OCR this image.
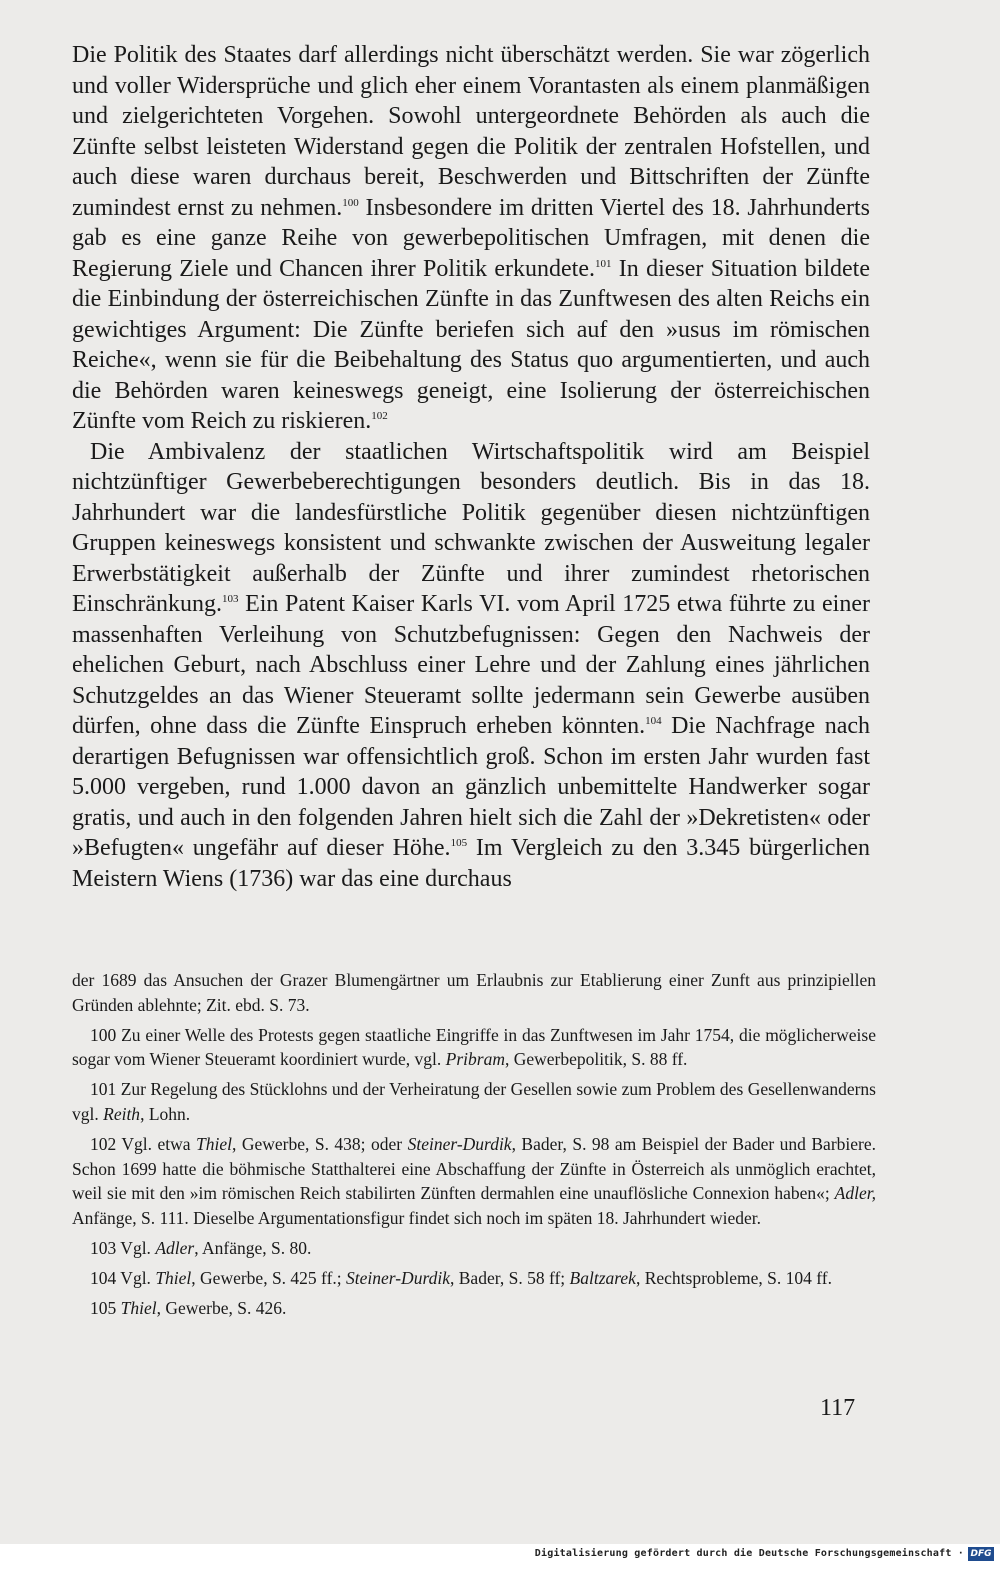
Die Politik des Staates darf allerdings nicht überschätzt werden. Sie war zögerlich und voller Widersprüche und glich eher einem Vorantasten als einem planmäßigen und zielgerichteten Vorgehen. Sowohl untergeordnete Behörden als auch die Zünfte selbst leisteten Widerstand gegen die Politik der zentralen Hofstellen, und auch diese waren durchaus bereit, Beschwerden und Bittschriften der Zünfte zumindest ernst zu nehmen.$^{100}$ Insbesondere im dritten Viertel des 18. Jahrhunderts gab es eine ganze Reihe von gewerbepolitischen Umfragen, mit denen die Regierung Ziele und Chancen ihrer Politik erkundete.$^{101}$ In dieser Situation bildete die Einbindung der österreichischen Zünfte in das Zunftwesen des alten Reichs ein gewichtiges Argument: Die Zünfte beriefen sich auf den »usus im römischen Reiche«, wenn sie für die Beibehaltung des Status quo argumentierten, und auch die Behörden waren keineswegs geneigt, eine Isolierung der österreichischen Zünfte vom Reich zu riskieren.$^{102}$

Die Ambivalenz der staatlichen Wirtschaftspolitik wird am Beispiel nichtzünftiger Gewerbeberechtigungen besonders deutlich. Bis in das 18. Jahrhundert war die landesfürstliche Politik gegenüber diesen nichtzünftigen Gruppen keineswegs konsistent und schwankte zwischen der Ausweitung legaler Erwerbstätigkeit außerhalb der Zünfte und ihrer zumindest rhetorischen Einschränkung.$^{103}$ Ein Patent Kaiser Karls VI. vom April 1725 etwa führte zu einer massenhaften Verleihung von Schutzbefugnissen: Gegen den Nachweis der ehelichen Geburt, nach Abschluss einer Lehre und der Zahlung eines jährlichen Schutzgeldes an das Wiener Steueramt sollte jedermann sein Gewerbe ausüben dürfen, ohne dass die Zünfte Einspruch erheben könnten.$^{104}$ Die Nachfrage nach derartigen Befugnissen war offensichtlich groß. Schon im ersten Jahr wurden fast 5.000 vergeben, rund 1.000 davon an gänzlich unbemittelte Handwerker sogar gratis, und auch in den folgenden Jahren hielt sich die Zahl der »Dekretisten« oder »Befugten« ungefähr auf dieser Höhe.$^{105}$ Im Vergleich zu den 3.345 bürgerlichen Meistern Wiens (1736) war das eine durchaus

der 1689 das Ansuchen der Grazer Blumengärtner um Erlaubnis zur Etablierung einer Zunft aus prinzipiellen Gründen ablehnte; Zit. ebd. S. 73.

100 Zu einer Welle des Protests gegen staatliche Eingriffe in das Zunftwesen im Jahr 1754, die möglicherweise sogar vom Wiener Steueramt koordiniert wurde, vgl. Pribram, Gewerbepolitik, S. 88 ff.

101 Zur Regelung des Stücklohns und der Verheiratung der Gesellen sowie zum Problem des Gesellenwanderns vgl. Reith, Lohn.

102 Vgl. etwa Thiel, Gewerbe, S. 438; oder Steiner-Durdik, Bader, S. 98 am Beispiel der Bader und Barbiere. Schon 1699 hatte die böhmische Statthalterei eine Abschaffung der Zünfte in Österreich als unmöglich erachtet, weil sie mit den »im römischen Reich stabilirten Zünften dermahlen eine unauflösliche Connexion haben«; Adler, Anfänge, S. 111. Dieselbe Argumentationsfigur findet sich noch im späten 18. Jahrhundert wieder.

103 Vgl. Adler, Anfänge, S. 80.

104 Vgl. Thiel, Gewerbe, S. 425 ff.; Steiner-Durdik, Bader, S. 58 ff; Baltzarek, Rechtsprobleme, S. 104 ff.

105 Thiel, Gewerbe, S. 426.

117
Digitalisierung gefördert durch die Deutsche Forschungsgemeinschaft · DFG
